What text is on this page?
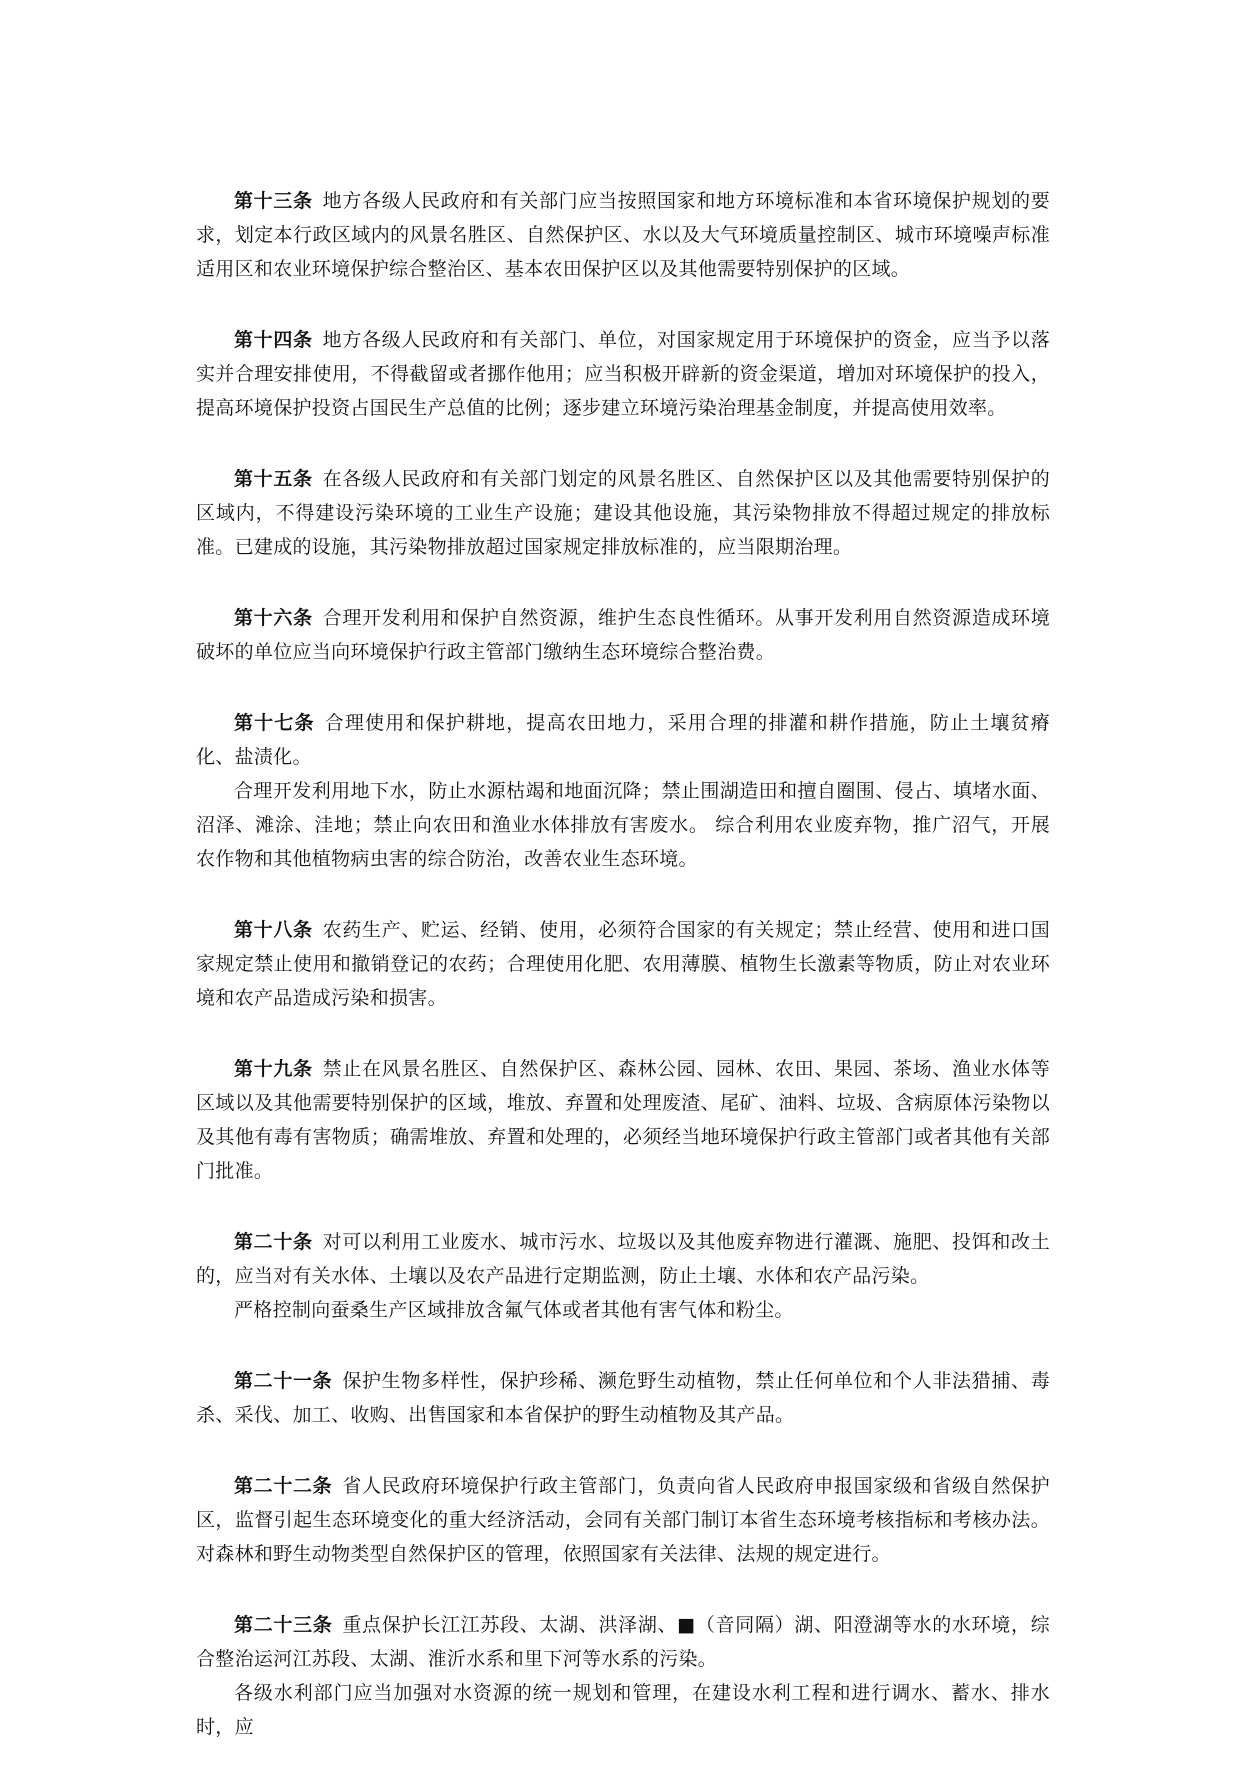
第十三条 地方各级人民政府和有关部门应当按照国家和地方环境标准和本省环境保护规划的要求，划定本行政区域内的风景名胜区、自然保护区、水以及大气环境质量控制区、城市环境噪声标准适用区和农业环境保护综合整治区、基本农田保护区以及其他需要特别保护的区域。

第十四条 地方各级人民政府和有关部门、单位，对国家规定用于环境保护的资金，应当予以落实并合理安排使用，不得截留或者挪作他用；应当积极开辟新的资金渠道，增加对环境保护的投入，提高环境保护投资占国民生产总值的比例；逐步建立环境污染治理基金制度，并提高使用效率。

第十五条 在各级人民政府和有关部门划定的风景名胜区、自然保护区以及其他需要特别保护的区域内，不得建设污染环境的工业生产设施；建设其他设施，其污染物排放不得超过规定的排放标准。已建成的设施，其污染物排放超过国家规定排放标准的，应当限期治理。

第十六条 合理开发利用和保护自然资源，维护生态良性循环。从事开发利用自然资源造成环境破坏的单位应当向环境保护行政主管部门缴纳生态环境综合整治费。

第十七条 合理使用和保护耕地，提高农田地力，采用合理的排灌和耕作措施，防止土壤贫瘠化、盐渍化。

合理开发利用地下水，防止水源枯竭和地面沉降；禁止围湖造田和擅自圈围、侵占、填堵水面、沼泽、滩涂、洼地；禁止向农田和渔业水体排放有害废水。 综合利用农业废弃物，推广沼气，开展农作物和其他植物病虫害的综合防治，改善农业生态环境。

第十八条 农药生产、贮运、经销、使用，必须符合国家的有关规定；禁止经营、使用和进口国家规定禁止使用和撤销登记的农药；合理使用化肥、农用薄膜、植物生长激素等物质，防止对农业环境和农产品造成污染和损害。

第十九条 禁止在风景名胜区、自然保护区、森林公园、园林、农田、果园、茶场、渔业水体等区域以及其他需要特别保护的区域，堆放、弃置和处理废渣、尾矿、油料、垃圾、含病原体污染物以及其他有毒有害物质；确需堆放、弃置和处理的，必须经当地环境保护行政主管部门或者其他有关部门批准。

第二十条 对可以利用工业废水、城市污水、垃圾以及其他废弃物进行灌溉、施肥、投饵和改土的，应当对有关水体、土壤以及农产品进行定期监测，防止土壤、水体和农产品污染。

严格控制向蚕桑生产区域排放含氟气体或者其他有害气体和粉尘。

第二十一条 保护生物多样性，保护珍稀、濒危野生动植物，禁止任何单位和个人非法猎捕、毒杀、采伐、加工、收购、出售国家和本省保护的野生动植物及其产品。

第二十二条 省人民政府环境保护行政主管部门，负责向省人民政府申报国家级和省级自然保护区，监督引起生态环境变化的重大经济活动，会同有关部门制订本省生态环境考核指标和考核办法。对森林和野生动物类型自然保护区的管理，依照国家有关法律、法规的规定进行。

第二十三条 重点保护长江江苏段、太湖、洪泽湖、■（音同隔）湖、阳澄湖等水的水环境，综合整治运河江苏段、太湖、淮沂水系和里下河等水系的污染。

各级水利部门应当加强对水资源的统一规划和管理，在建设水利工程和进行调水、蓄水、排水时，应
